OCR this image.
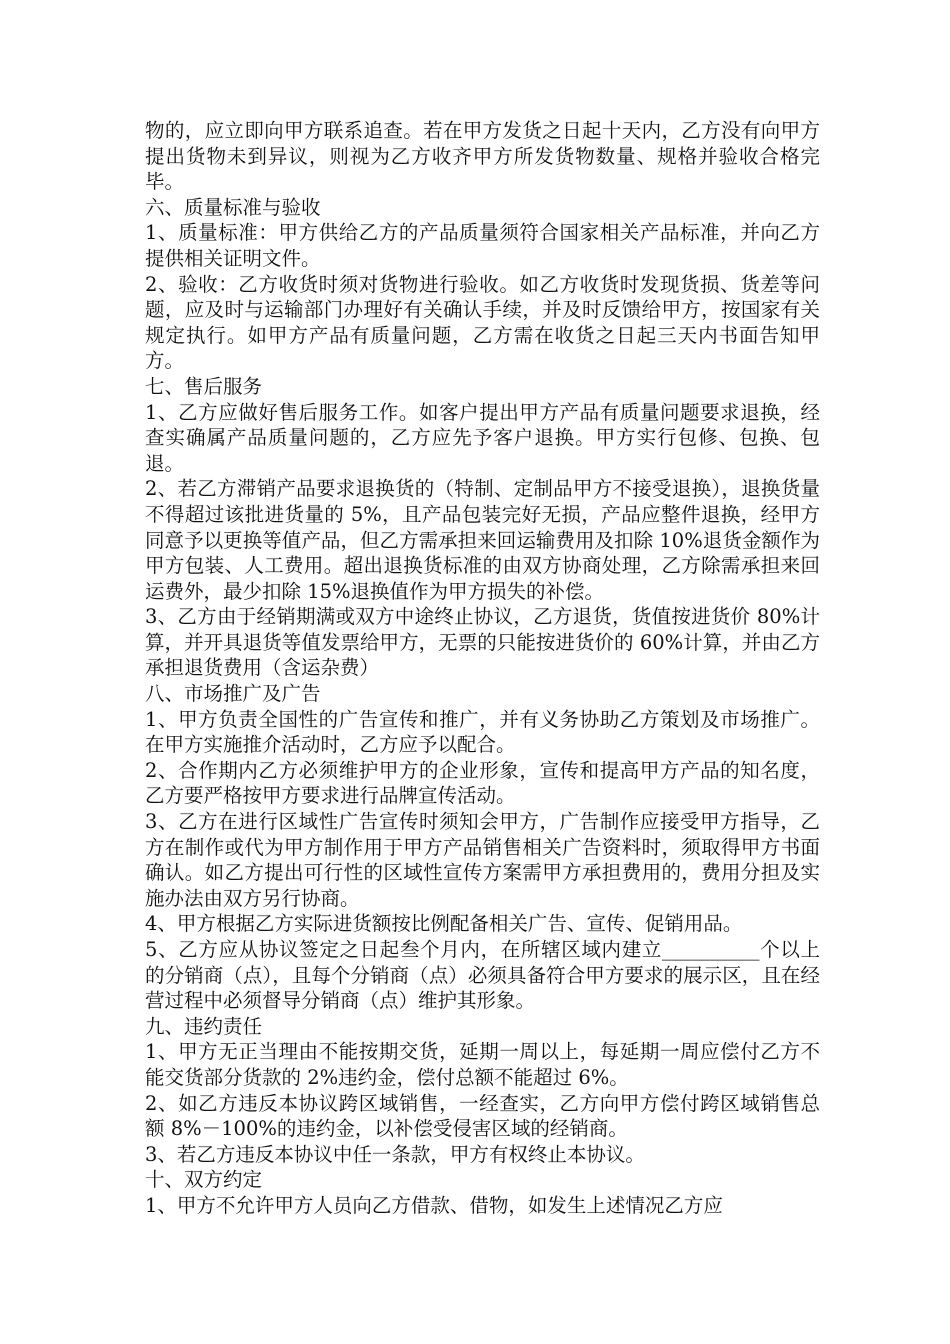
物的，应立即向甲方联系追查。若在甲方发货之日起十天内，乙方没有向甲方提出货物未到异议，则视为乙方收齐甲方所发货物数量、规格并验收合格完毕。

六、质量标准与验收

1、质量标准：甲方供给乙方的产品质量须符合国家相关产品标准，并向乙方提供相关证明文件。

2、验收：乙方收货时须对货物进行验收。如乙方收货时发现货损、货差等问题，应及时与运输部门办理好有关确认手续，并及时反馈给甲方，按国家有关规定执行。如甲方产品有质量问题，乙方需在收货之日起三天内书面告知甲方。

七、售后服务

1、乙方应做好售后服务工作。如客户提出甲方产品有质量问题要求退换，经查实确属产品质量问题的，乙方应先予客户退换。甲方实行包修、包换、包退。

2、若乙方滞销产品要求退换货的（特制、定制品甲方不接受退换），退换货量不得超过该批进货量的 5%，且产品包装完好无损，产品应整件退换，经甲方同意予以更换等值产品，但乙方需承担来回运输费用及扣除 10%退货金额作为甲方包装、人工费用。超出退换货标准的由双方协商处理，乙方除需承担来回运费外，最少扣除 15%退换值作为甲方损失的补偿。

3、乙方由于经销期满或双方中途终止协议，乙方退货，货值按进货价 80%计算，并开具退货等值发票给甲方，无票的只能按进货价的 60%计算，并由乙方承担退货费用（含运杂费）

八、市场推广及广告

1、甲方负责全国性的广告宣传和推广，并有义务协助乙方策划及市场推广。在甲方实施推介活动时，乙方应予以配合。

2、合作期内乙方必须维护甲方的企业形象，宣传和提高甲方产品的知名度，乙方要严格按甲方要求进行品牌宣传活动。

3、乙方在进行区域性广告宣传时须知会甲方，广告制作应接受甲方指导，乙方在制作或代为甲方制作用于甲方产品销售相关广告资料时，须取得甲方书面确认。如乙方提出可行性的区域性宣传方案需甲方承担费用的，费用分担及实施办法由双方另行协商。

4、甲方根据乙方实际进货额按比例配备相关广告、宣传、促销用品。

5、乙方应从协议签定之日起叁个月内，在所辖区域内建立__________个以上的分销商（点），且每个分销商（点）必须具备符合甲方要求的展示区，且在经营过程中必须督导分销商（点）维护其形象。

九、违约责任

1、甲方无正当理由不能按期交货，延期一周以上，每延期一周应偿付乙方不能交货部分货款的 2%违约金，偿付总额不能超过 6%。

2、如乙方违反本协议跨区域销售，一经查实，乙方向甲方偿付跨区域销售总额 8%－100%的违约金，以补偿受侵害区域的经销商。

3、若乙方违反本协议中任一条款，甲方有权终止本协议。

十、双方约定

1、甲方不允许甲方人员向乙方借款、借物，如发生上述情况乙方应
